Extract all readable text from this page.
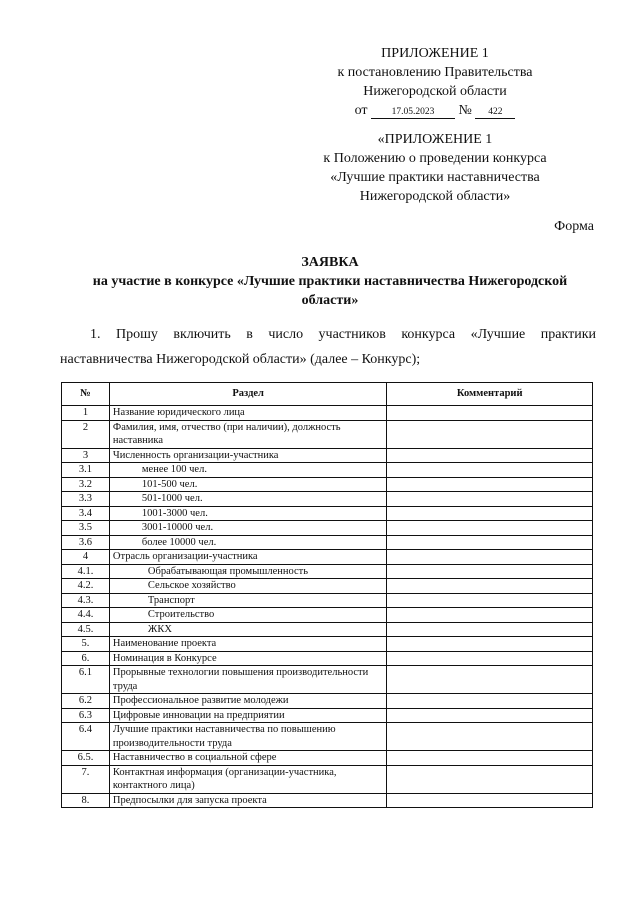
ПРИЛОЖЕНИЕ 1
к постановлению Правительства
Нижегородской области
от	17.05.2023 № 422
«ПРИЛОЖЕНИЕ 1
к Положению о проведении конкурса
«Лучшие практики наставничества
Нижегородской области»
Форма
ЗАЯВКА
на участие в конкурсе «Лучшие практики наставничества Нижегородской
области»
1. Прошу включить в число участников конкурса «Лучшие практики
наставничества Нижегородской области» (далее – Конкурс);
№	Раздел	Комментарий
1	Название юридического лица	
2	Фамилия, имя, отчество (при наличии), должность наставника	
3	Численность организации-участника	
3.1	менее 100 чел.	
3.2	101-500 чел.	
3.3	501-1000 чел.	
3.4	1001-3000 чел.	
3.5	3001-10000 чел.	
3.6	более 10000 чел.	
4	Отрасль организации-участника	
4.1.	Обрабатывающая промышленность	
4.2.	Сельское хозяйство	
4.3.	Транспорт	
4.4.	Строительство	
4.5.	ЖКХ	
5.	Наименование проекта	
6.	Номинация в Конкурсе	
6.1	Прорывные технологии повышения производительности труда	
6.2	Профессиональное развитие молодежи	
6.3	Цифровые инновации на предприятии	
6.4	Лучшие практики наставничества по повышению производительности труда	
6.5.	Наставничество в социальной сфере	
7.	Контактная информация (организации-участника, контактного лица)	
8.	Предпосылки для запуска проекта	
